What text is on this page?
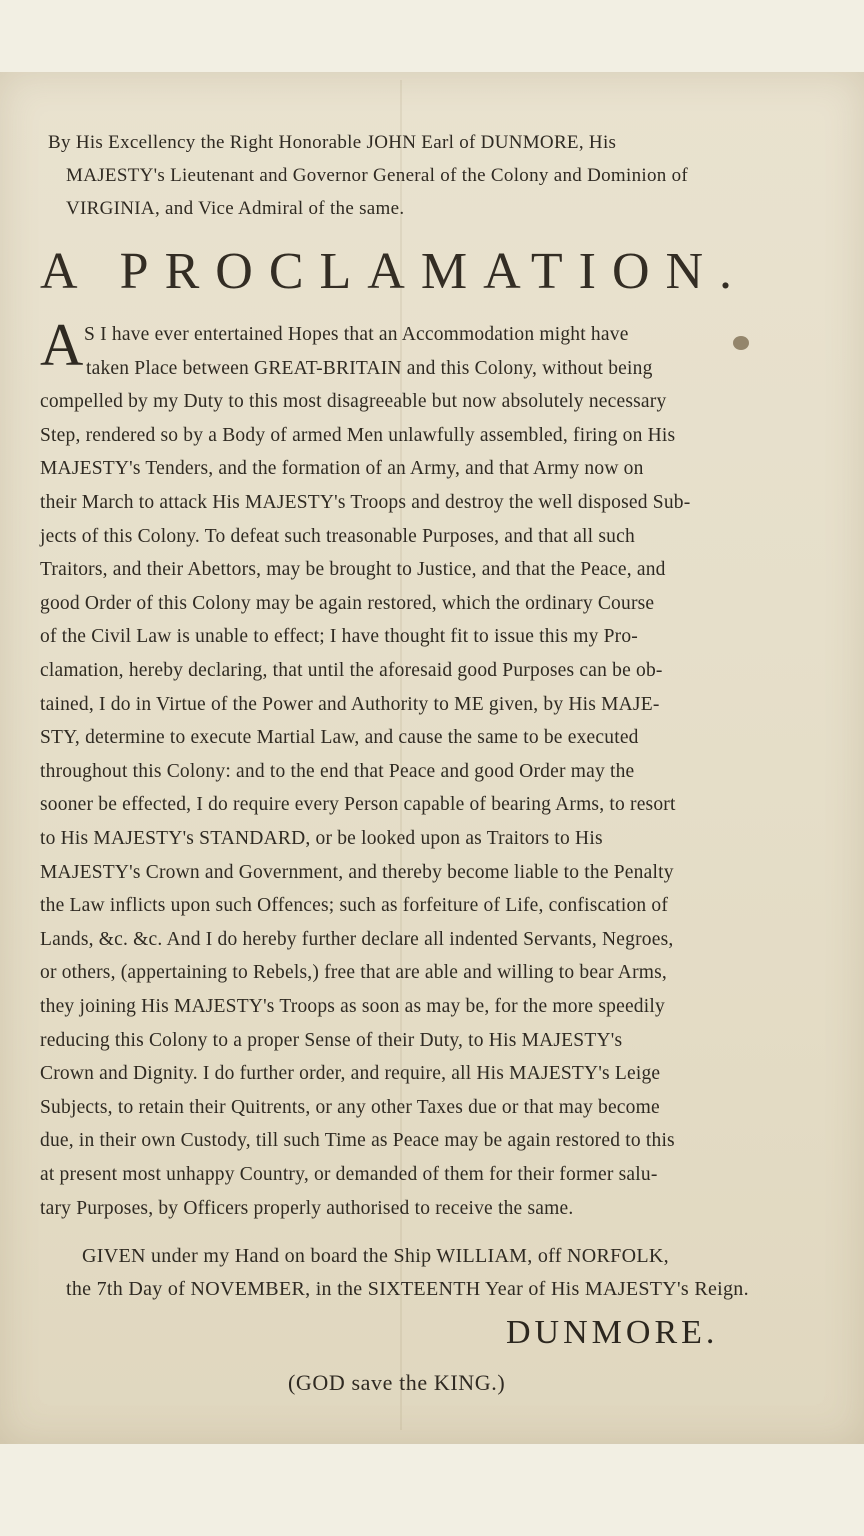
By His Excellency the Right Honorable JOHN Earl of DUNMORE, His
MAJESTY's Lieutenant and Governor General of the Colony and Dominion of
VIRGINIA, and Vice Admiral of the same.
A PROCLAMATION.
A S I have ever entertained Hopes that an Accommodation might have
taken Place between GREAT-BRITAIN and this Colony, without being
compelled by my Duty to this most disagreeable but now absolutely necessary
Step, rendered so by a Body of armed Men unlawfully assembled, firing on His
MAJESTY's Tenders, and the formation of an Army, and that Army now on
their March to attack His MAJESTY's Troops and destroy the well disposed Sub-
jects of this Colony. To defeat such treasonable Purposes, and that all such
Traitors, and their Abettors, may be brought to Justice, and that the Peace, and
good Order of this Colony may be again restored, which the ordinary Course
of the Civil Law is unable to effect; I have thought fit to issue this my Pro-
clamation, hereby declaring, that until the aforesaid good Purposes can be ob-
tained, I do in Virtue of the Power and Authority to ME given, by His MAJE-
STY, determine to execute Martial Law, and cause the same to be executed
throughout this Colony: and to the end that Peace and good Order may the
sooner be effected, I do require every Person capable of bearing Arms, to resort
to His MAJESTY's STANDARD, or be looked upon as Traitors to His
MAJESTY's Crown and Government, and thereby become liable to the Penalty
the Law inflicts upon such Offences; such as forfeiture of Life, confiscation of
Lands, &c. &c. And I do hereby further declare all indented Servants, Negroes,
or others, (appertaining to Rebels,) free that are able and willing to bear Arms,
they joining His MAJESTY's Troops as soon as may be, for the more speedily
reducing this Colony to a proper Sense of their Duty, to His MAJESTY's
Crown and Dignity. I do further order, and require, all His MAJESTY's Leige
Subjects, to retain their Quitrents, or any other Taxes due or that may become
due, in their own Custody, till such Time as Peace may be again restored to this
at present most unhappy Country, or demanded of them for their former salu-
tary Purposes, by Officers properly authorised to receive the same.
GIVEN under my Hand on board the Ship WILLIAM, off NORFOLK,
the 7th Day of NOVEMBER, in the SIXTEENTH Year of His MAJESTY's Reign.
DUNMORE.
(GOD save the KING.)
